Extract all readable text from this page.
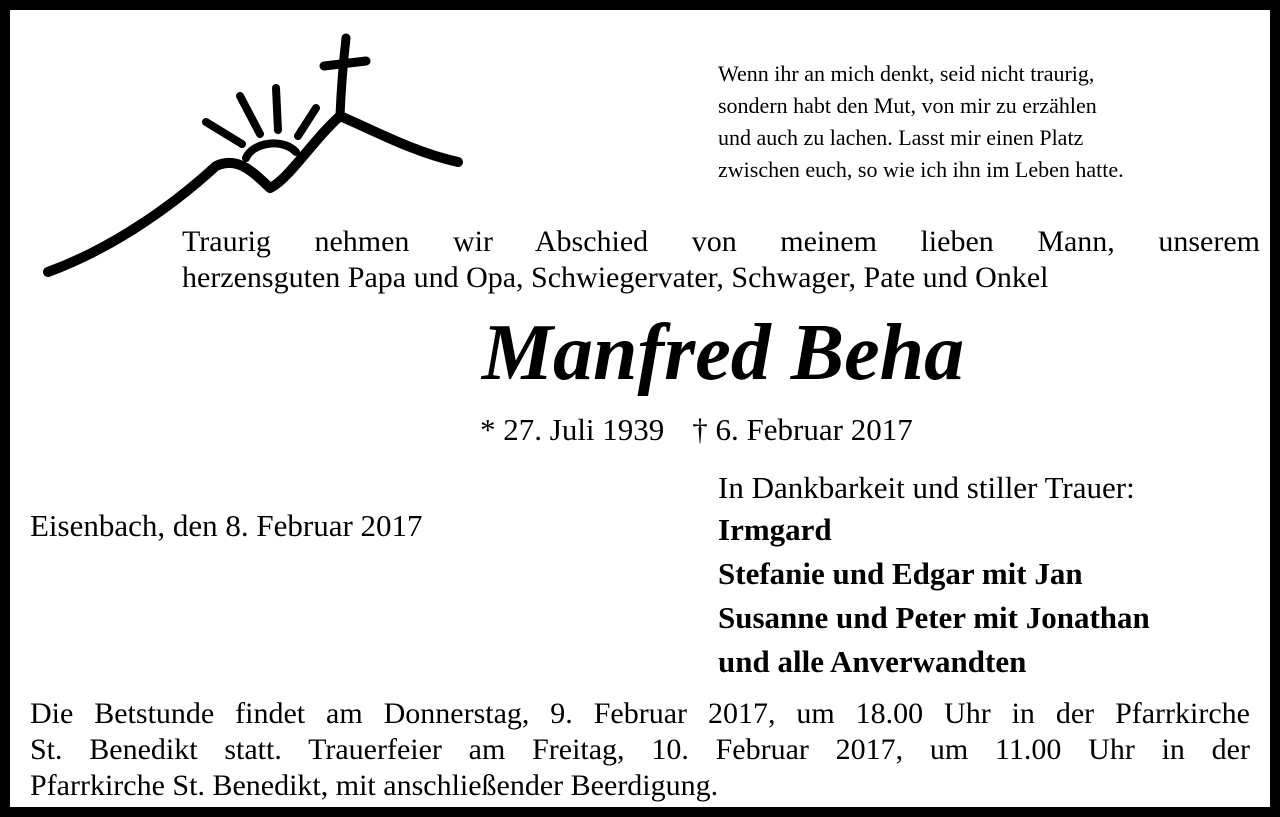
Wenn ihr an mich denkt, seid nicht traurig,
sondern habt den Mut, von mir zu erzählen
und auch zu lachen. Lasst mir einen Platz
zwischen euch, so wie ich ihn im Leben hatte.
Traurig nehmen wir Abschied von meinem lieben Mann, unserem
herzensguten Papa und Opa, Schwiegervater, Schwager, Pate und Onkel
Manfred Beha
* 27. Juli 1939 † 6. Februar 2017
Eisenbach, den 8. Februar 2017
In Dankbarkeit und stiller Trauer:
Irmgard
Stefanie und Edgar mit Jan
Susanne und Peter mit Jonathan
und alle Anverwandten
Die Betstunde findet am Donnerstag, 9. Februar 2017, um 18.00 Uhr in der Pfarrkirche
St. Benedikt statt. Trauerfeier am Freitag, 10. Februar 2017, um 11.00 Uhr in der
Pfarrkirche St. Benedikt, mit anschließender Beerdigung.
